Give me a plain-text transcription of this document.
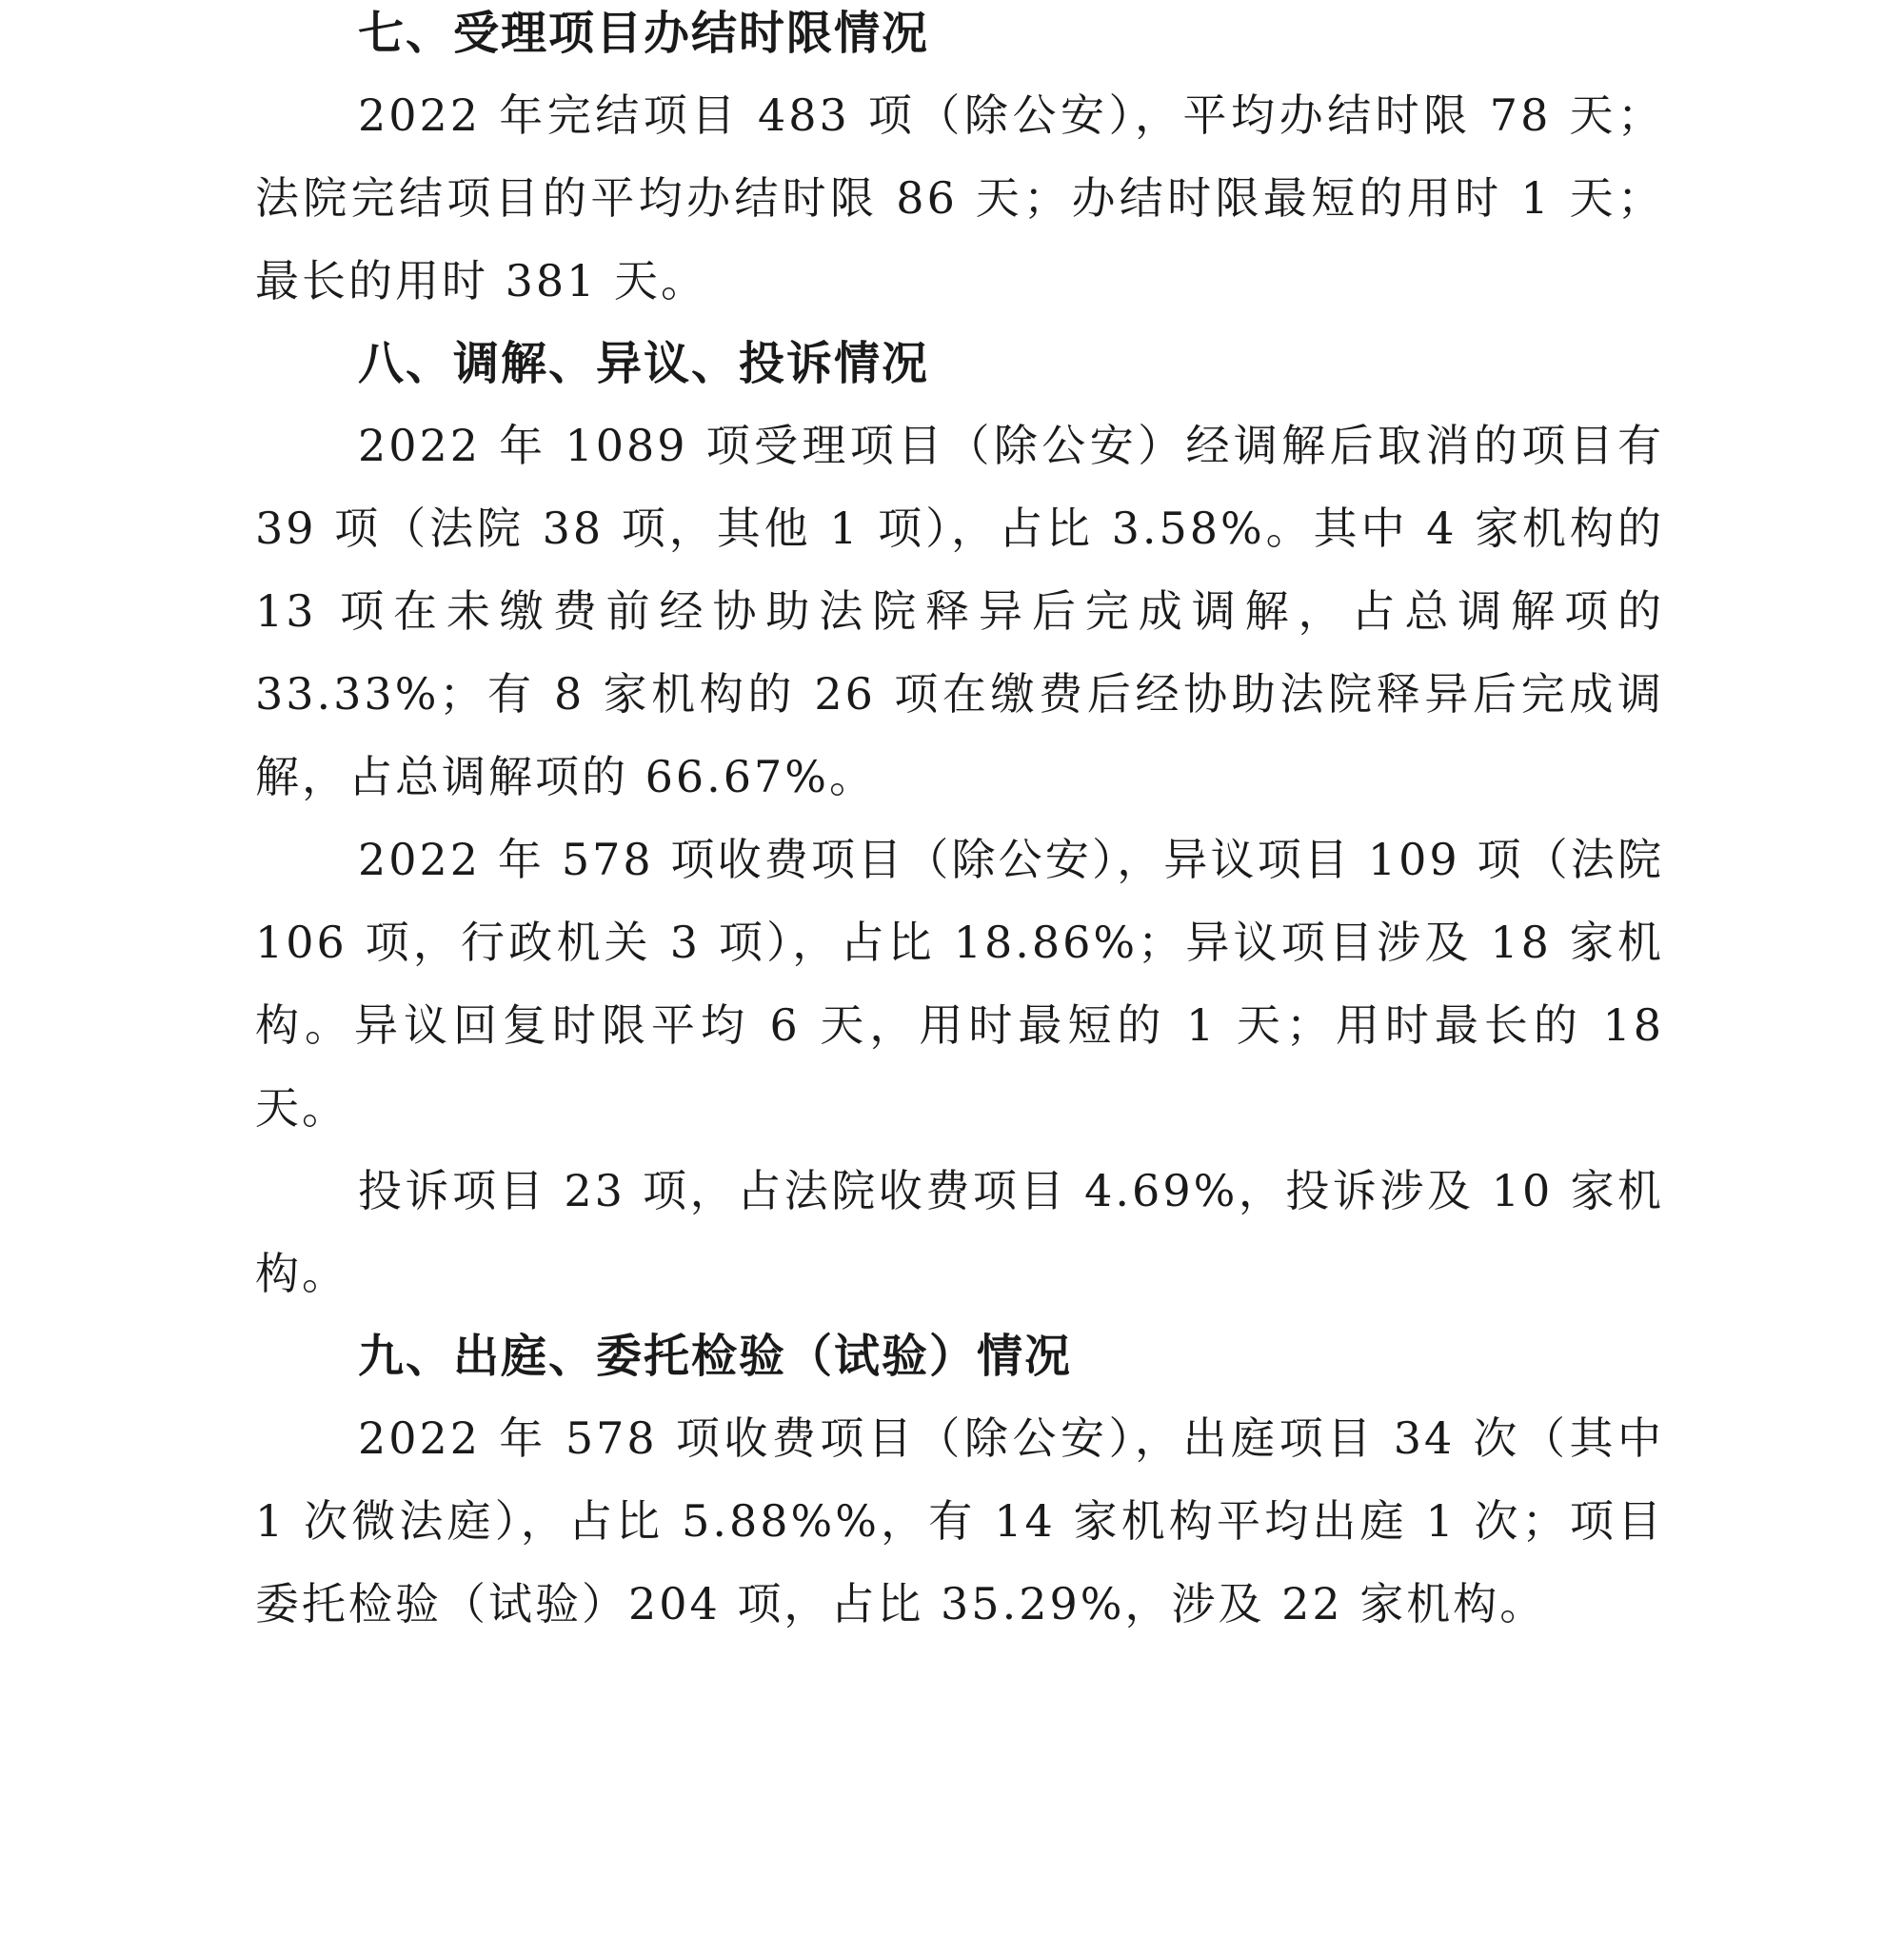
七、受理项目办结时限情况

2022 年完结项目 483 项（除公安），平均办结时限 78 天；法院完结项目的平均办结时限 86 天；办结时限最短的用时 1 天；最长的用时 381 天。

八、调解、异议、投诉情况

2022 年 1089 项受理项目（除公安）经调解后取消的项目有 39 项（法院 38 项，其他 1 项），占比 3.58%。其中 4 家机构的 13 项在未缴费前经协助法院释异后完成调解，占总调解项的 33.33%；有 8 家机构的 26 项在缴费后经协助法院释异后完成调解，占总调解项的 66.67%。

2022 年 578 项收费项目（除公安），异议项目 109 项（法院 106 项，行政机关 3 项），占比 18.86%；异议项目涉及 18 家机构。异议回复时限平均 6 天，用时最短的 1 天；用时最长的 18 天。

投诉项目 23 项，占法院收费项目 4.69%，投诉涉及 10 家机构。

九、出庭、委托检验（试验）情况

2022 年 578 项收费项目（除公安），出庭项目 34 次（其中 1 次微法庭），占比 5.88%%，有 14 家机构平均出庭 1 次；项目委托检验（试验）204 项，占比 35.29%，涉及 22 家机构。
